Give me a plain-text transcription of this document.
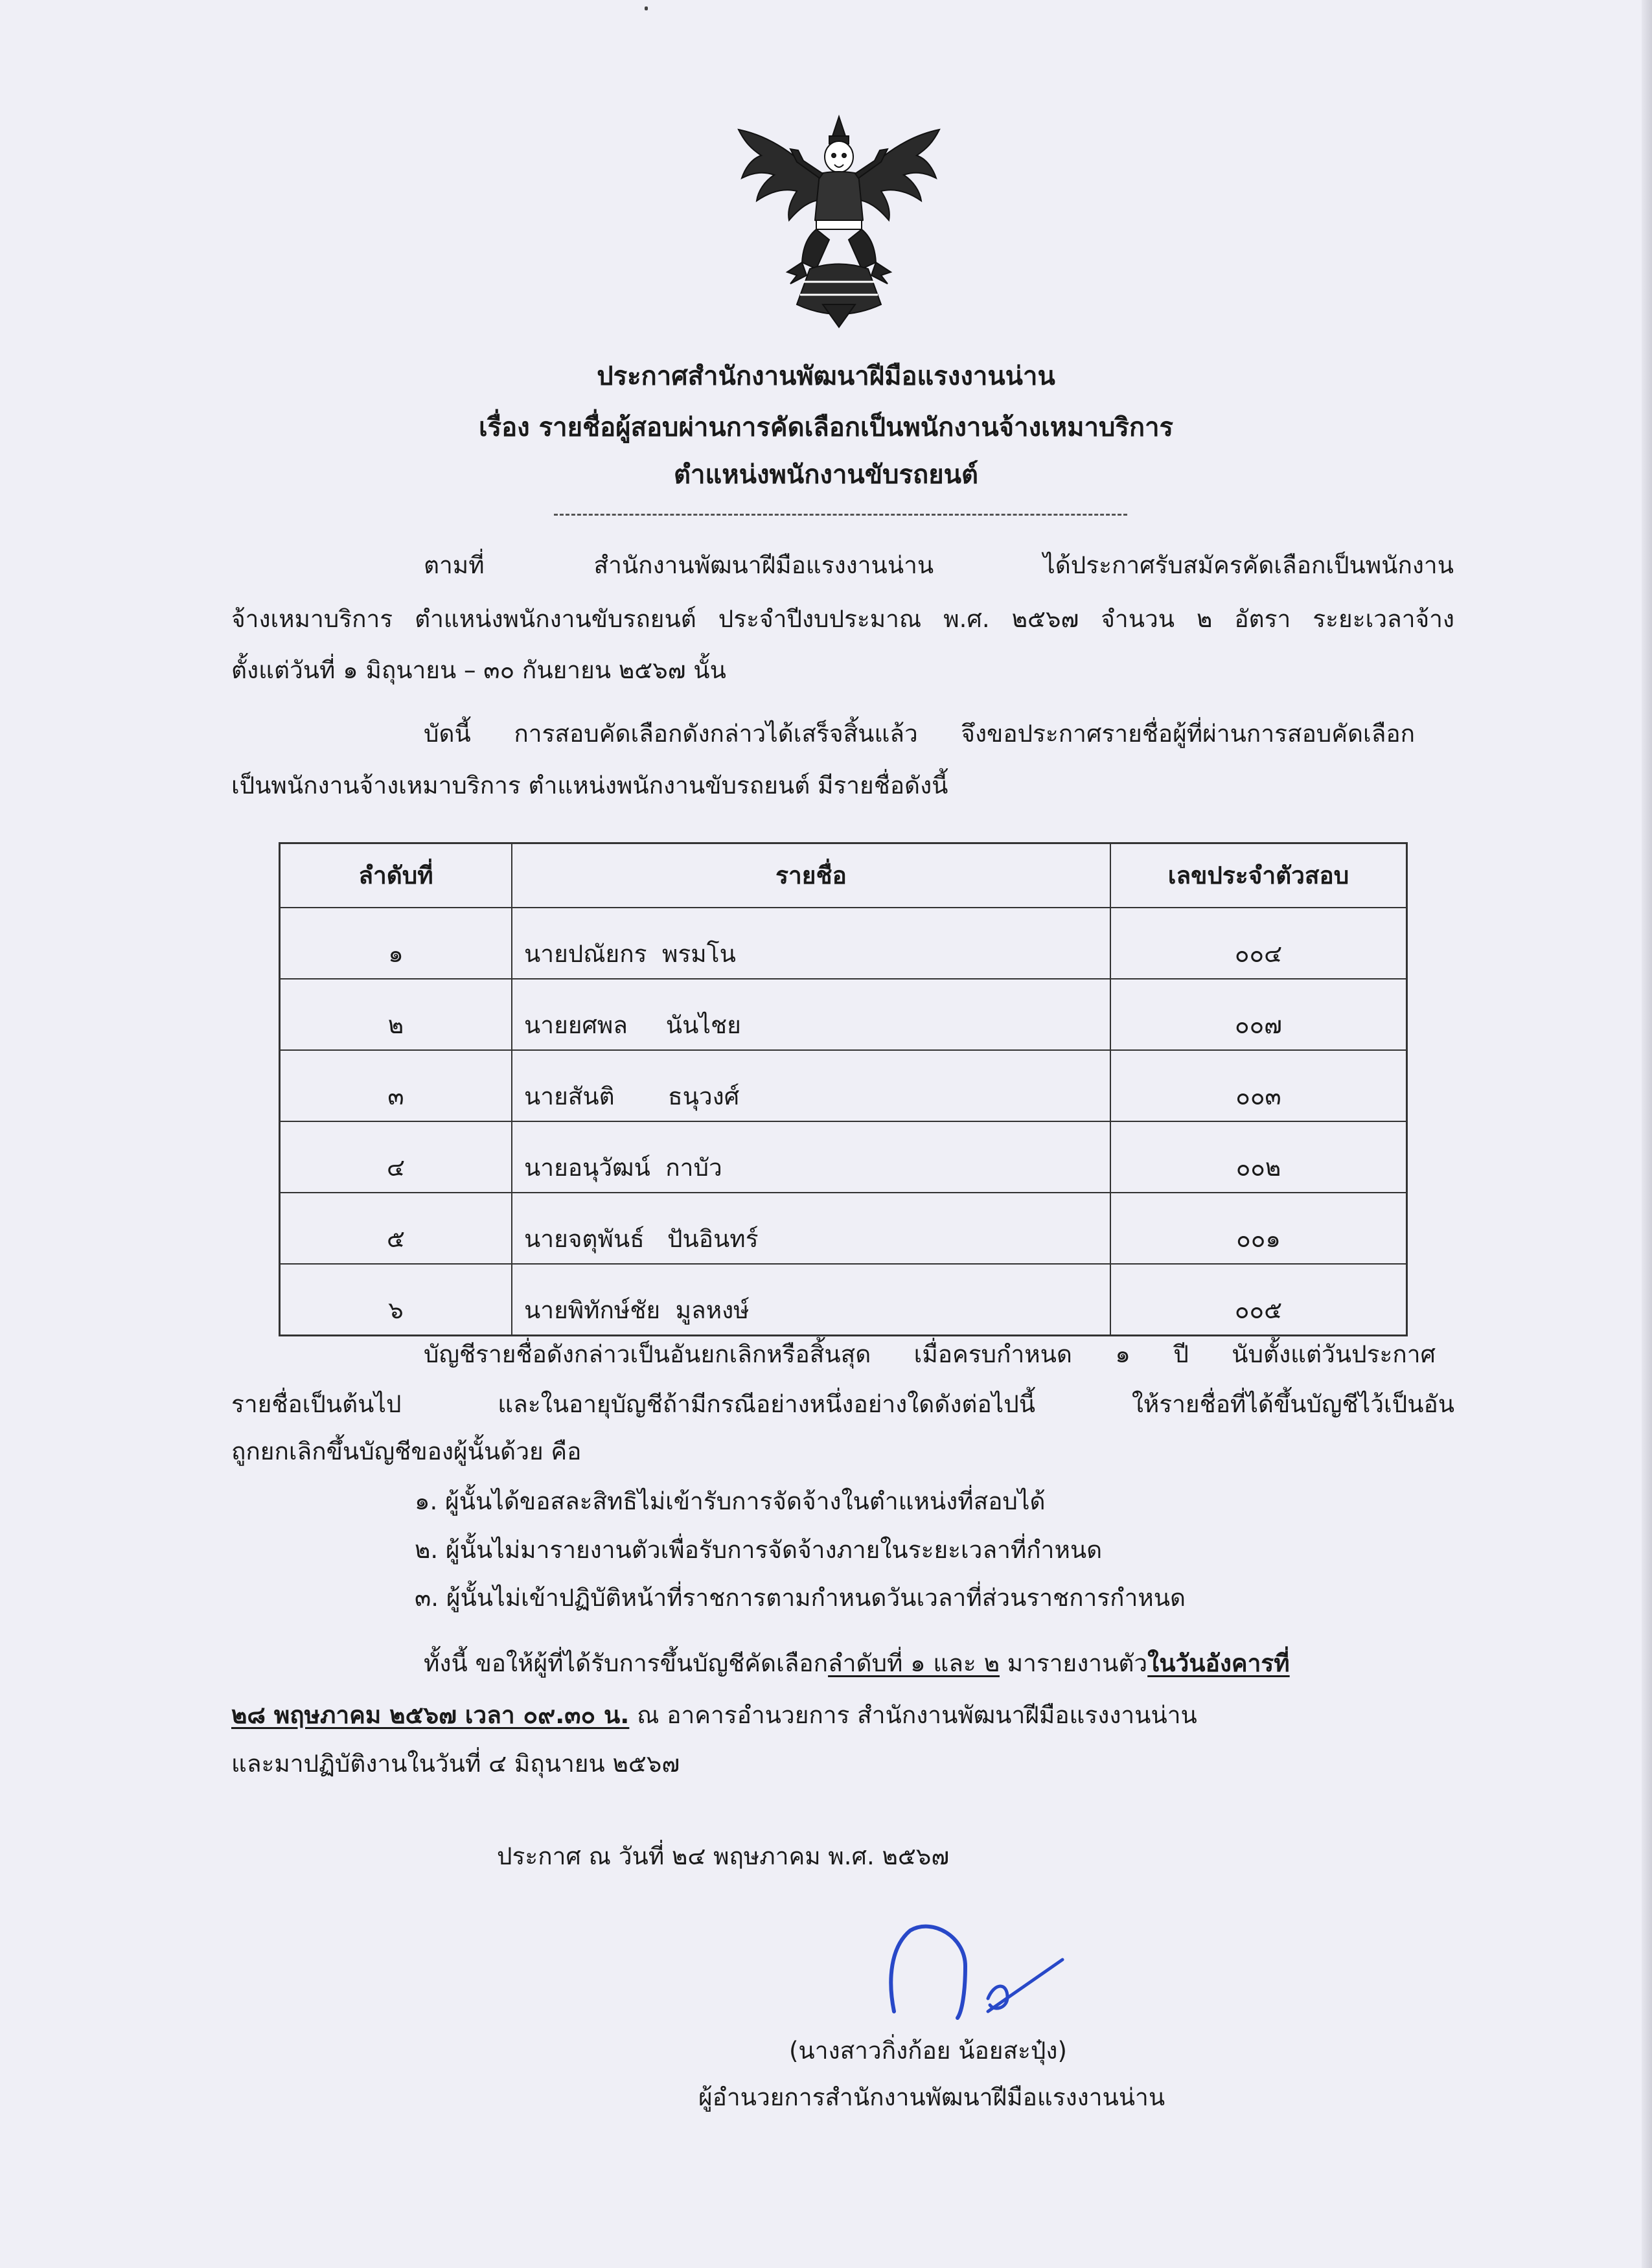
ประกาศสำนักงานพัฒนาฝีมือแรงงานน่าน
เรื่อง รายชื่อผู้สอบผ่านการคัดเลือกเป็นพนักงานจ้างเหมาบริการ
ตำแหน่งพนักงานขับรถยนต์
ตามที่ สำนักงานพัฒนาฝีมือแรงงานน่าน ได้ประกาศรับสมัครคัดเลือกเป็นพนักงาน
จ้างเหมาบริการ ตำแหน่งพนักงานขับรถยนต์ ประจำปีงบประมาณ พ.ศ. ๒๕๖๗ จำนวน ๒ อัตรา ระยะเวลาจ้าง
ตั้งแต่วันที่ ๑ มิถุนายน – ๓๐ กันยายน ๒๕๖๗ นั้น
บัดนี้ การสอบคัดเลือกดังกล่าวได้เสร็จสิ้นแล้ว จึงขอประกาศรายชื่อผู้ที่ผ่านการสอบคัดเลือก
เป็นพนักงานจ้างเหมาบริการ ตำแหน่งพนักงานขับรถยนต์ มีรายชื่อดังนี้
ลำดับที่	รายชื่อ	เลขประจำตัวสอบ
๑	นายปณัยกร  พรมโน	๐๐๔
๒	นายยศพล     นันไชย	๐๐๗
๓	นายสันติ       ธนุวงศ์	๐๐๓
๔	นายอนุวัฒน์  กาบัว	๐๐๒
๕	นายจตุพันธ์   ปันอินทร์	๐๐๑
๖	นายพิทักษ์ชัย  มูลหงษ์	๐๐๕
บัญชีรายชื่อดังกล่าวเป็นอันยกเลิกหรือสิ้นสุด เมื่อครบกำหนด ๑ ปี นับตั้งแต่วันประกาศ
รายชื่อเป็นต้นไป และในอายุบัญชีถ้ามีกรณีอย่างหนึ่งอย่างใดดังต่อไปนี้ ให้รายชื่อที่ได้ขึ้นบัญชีไว้เป็นอัน
ถูกยกเลิกขึ้นบัญชีของผู้นั้นด้วย คือ
๑. ผู้นั้นได้ขอสละสิทธิไม่เข้ารับการจัดจ้างในตำแหน่งที่สอบได้
๒. ผู้นั้นไม่มารายงานตัวเพื่อรับการจัดจ้างภายในระยะเวลาที่กำหนด
๓. ผู้นั้นไม่เข้าปฏิบัติหน้าที่ราชการตามกำหนดวันเวลาที่ส่วนราชการกำหนด
ทั้งนี้ ขอให้ผู้ที่ได้รับการขึ้นบัญชีคัดเลือกลำดับที่ ๑ และ ๒ มารายงานตัวในวันอังคารที่
๒๘ พฤษภาคม ๒๕๖๗ เวลา ๐๙.๓๐ น. ณ อาคารอำนวยการ สำนักงานพัฒนาฝีมือแรงงานน่าน
และมาปฏิบัติงานในวันที่ ๔ มิถุนายน ๒๕๖๗
ประกาศ ณ วันที่ ๒๔ พฤษภาคม พ.ศ. ๒๕๖๗
(นางสาวกิ่งก้อย น้อยสะปุ๋ง)
ผู้อำนวยการสำนักงานพัฒนาฝีมือแรงงานน่าน
